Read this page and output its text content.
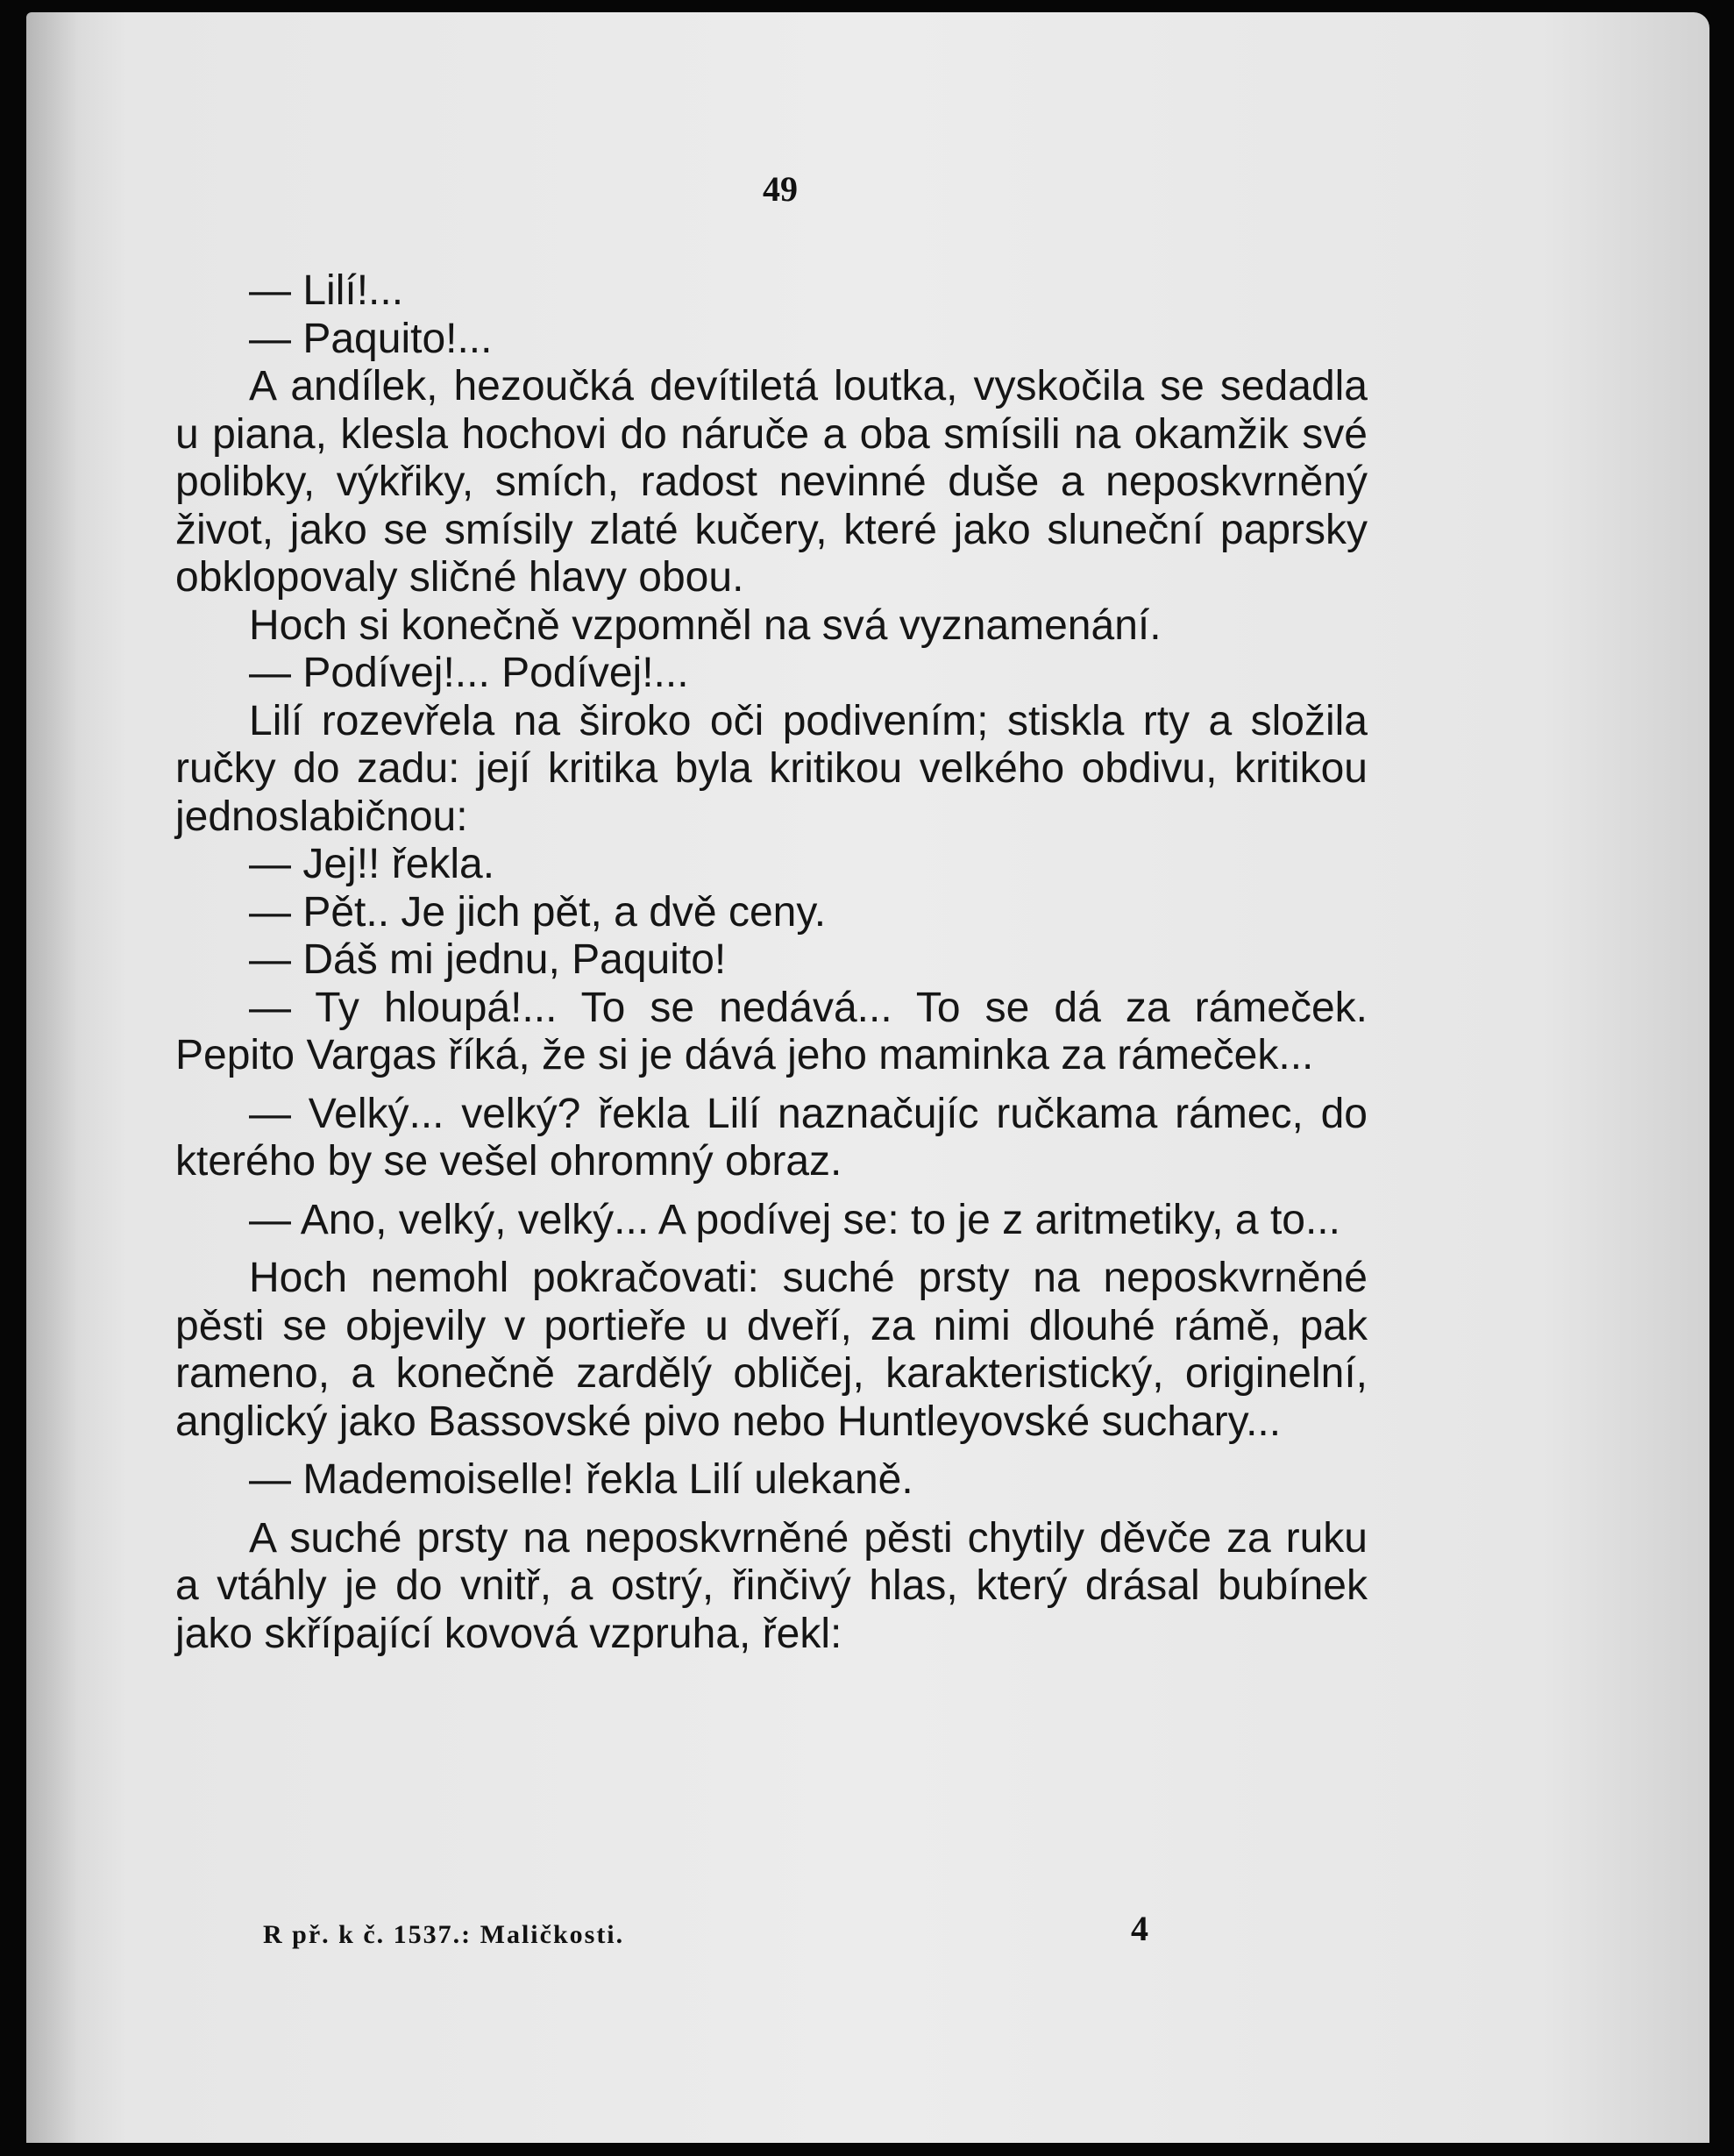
49

— Lilí!...

— Paquito!...

A andílek, hezoučká devítiletá loutka, vyskočila se sedadla u piana, klesla hochovi do náruče a oba smísili na okamžik své polibky, výkřiky, smích, radost nevinné duše a neposkvrněný život, jako se smísily zlaté kučery, které jako sluneční paprsky obklopovaly sličné hlavy obou.

Hoch si konečně vzpomněl na svá vyznamenání.

— Podívej!... Podívej!...

Lilí rozevřela na široko oči podivením; stiskla rty a složila ručky do zadu: její kritika byla kritikou velkého obdivu, kritikou jednoslabičnou:

— Jej!! řekla.

— Pět.. Je jich pět, a dvě ceny.

— Dáš mi jednu, Paquito!

— Ty hloupá!... To se nedává... To se dá za rámeček. Pepito Vargas říká, že si je dává jeho maminka za rámeček...

— Velký... velký? řekla Lilí naznačujíc ručkama rámec, do kterého by se vešel ohromný obraz.

— Ano, velký, velký... A podívej se: to je z aritmetiky, a to...

Hoch nemohl pokračovati: suché prsty na neposkvrněné pěsti se objevily v portieře u dveří, za nimi dlouhé rámě, pak rameno, a konečně zardělý obličej, karakteristický, originelní, anglický jako Bassovské pivo nebo Huntleyovské suchary...

— Mademoiselle! řekla Lilí ulekaně.

A suché prsty na neposkvrněné pěsti chytily děvče za ruku a vtáhly je do vnitř, a ostrý, řinčivý hlas, který drásal bubínek jako skřípající kovová vzpruha, řekl:

R př. k č. 1537.: Maličkosti.	4
